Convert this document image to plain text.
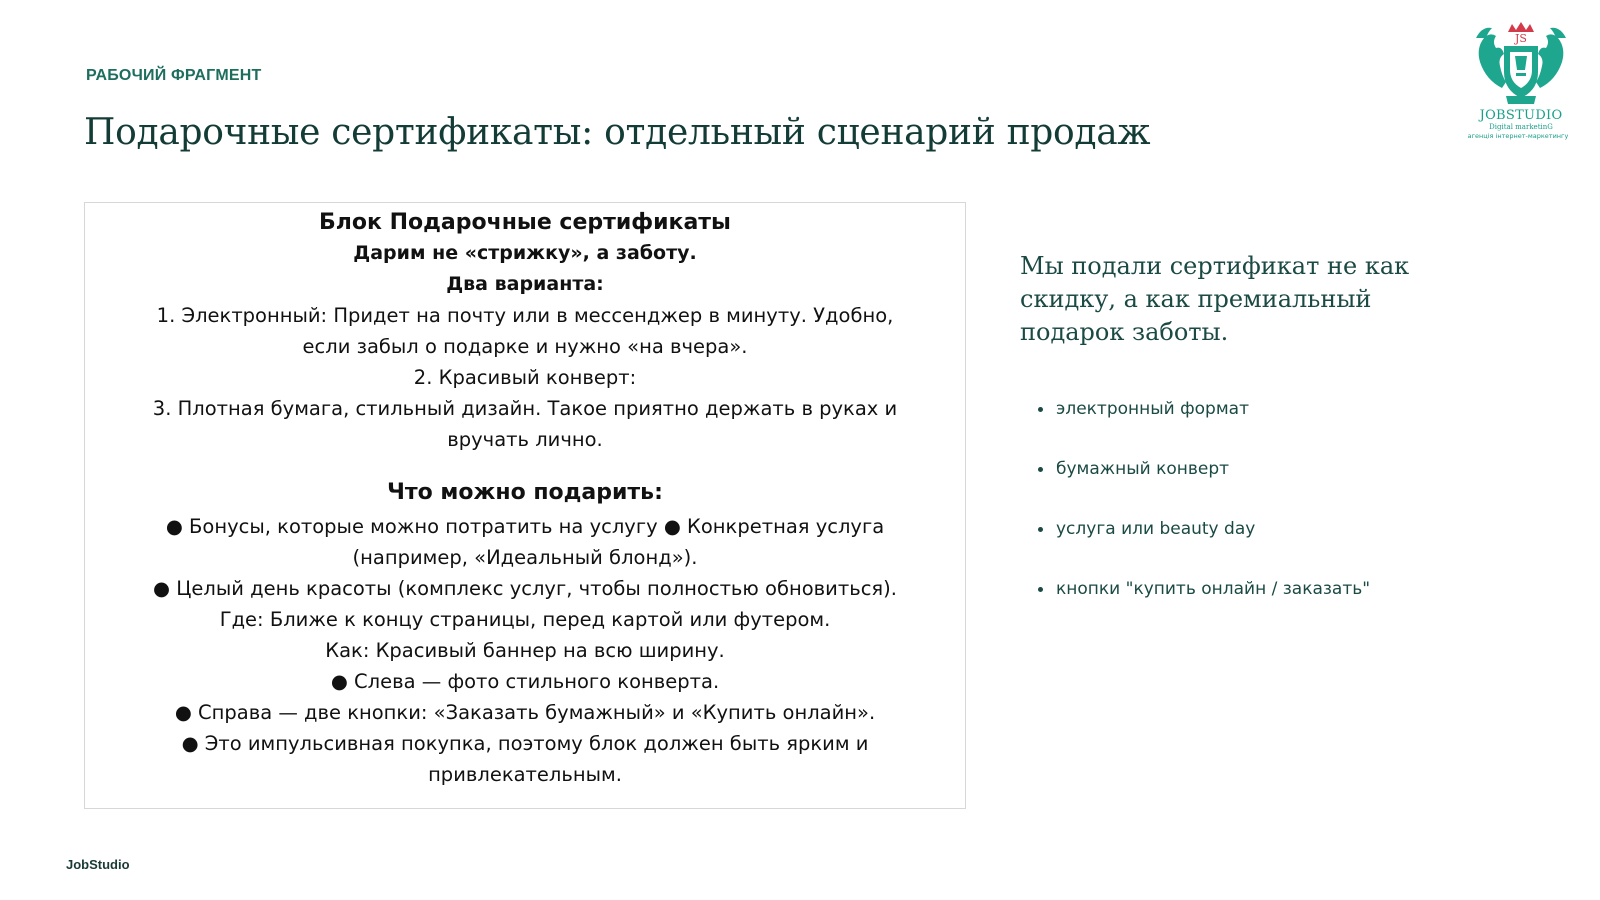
РАБОЧИЙ ФРАГМЕНТ
Подарочные сертификаты: отдельный сценарий продаж
JS
JOBSTUDIO
Digital marketinG
агенція інтернет-маркетингу
Блок Подарочные сертификаты
Дарим не «стрижку», а заботу.
Два варианта:
1. Электронный: Придет на почту или в мессенджер в минуту. Удобно,
если забыл о подарке и нужно «на вчера».
2. Красивый конверт:
3. Плотная бумага, стильный дизайн. Такое приятно держать в руках и
вручать лично.
Что можно подарить:
● Бонусы, которые можно потратить на услугу ● Конкретная услуга
(например, «Идеальный блонд»).
● Целый день красоты (комплекс услуг, чтобы полностью обновиться).
Где: Ближе к концу страницы, перед картой или футером.
Как: Красивый баннер на всю ширину.
● Слева — фото стильного конверта.
● Справа — две кнопки: «Заказать бумажный» и «Купить онлайн».
● Это импульсивная покупка, поэтому блок должен быть ярким и
привлекательным.
Мы подали сертификат не как скидку, а как премиальный подарок заботы.
электронный формат
бумажный конверт
услуга или beauty day
кнопки "купить онлайн / заказать"
JobStudio
